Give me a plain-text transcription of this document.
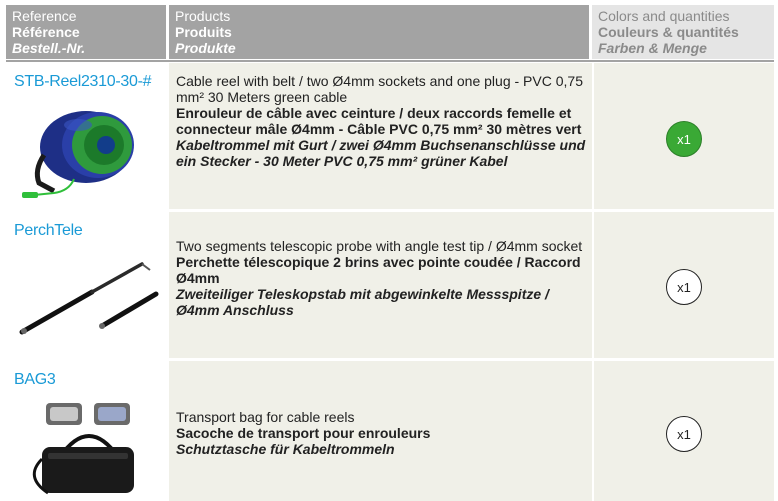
Reference
Référence
Bestell.-Nr.
Products
Produits
Produkte
Colors and quantities
Couleurs & quantités
Farben & Menge
STB-Reel2310-30-# Cable reel with belt / two Ø4mm sockets and one plug - PVC 0,75 mm² 30 Meters green cable
Enrouleur de câble avec ceinture / deux raccords femelle et connecteur mâle Ø4mm - Câble PVC 0,75 mm² 30 mètres vert
Kabeltrommel mit Gurt / zwei Ø4mm Buchsenanschlüsse und ein Stecker - 30 Meter PVC 0,75 mm² grüner Kabel
x1
PerchTele
Two segments telescopic probe with angle test tip / Ø4mm socket
Perchette télescopique 2 brins avec pointe coudée / Raccord Ø4mm
Zweiteiliger Teleskopstab mit abgewinkelte Messspitze / Ø4mm Anschluss
x1
BAG3
Transport bag for cable reels
Sacoche de transport pour enrouleurs
Schutztasche für Kabeltrommeln
x1
